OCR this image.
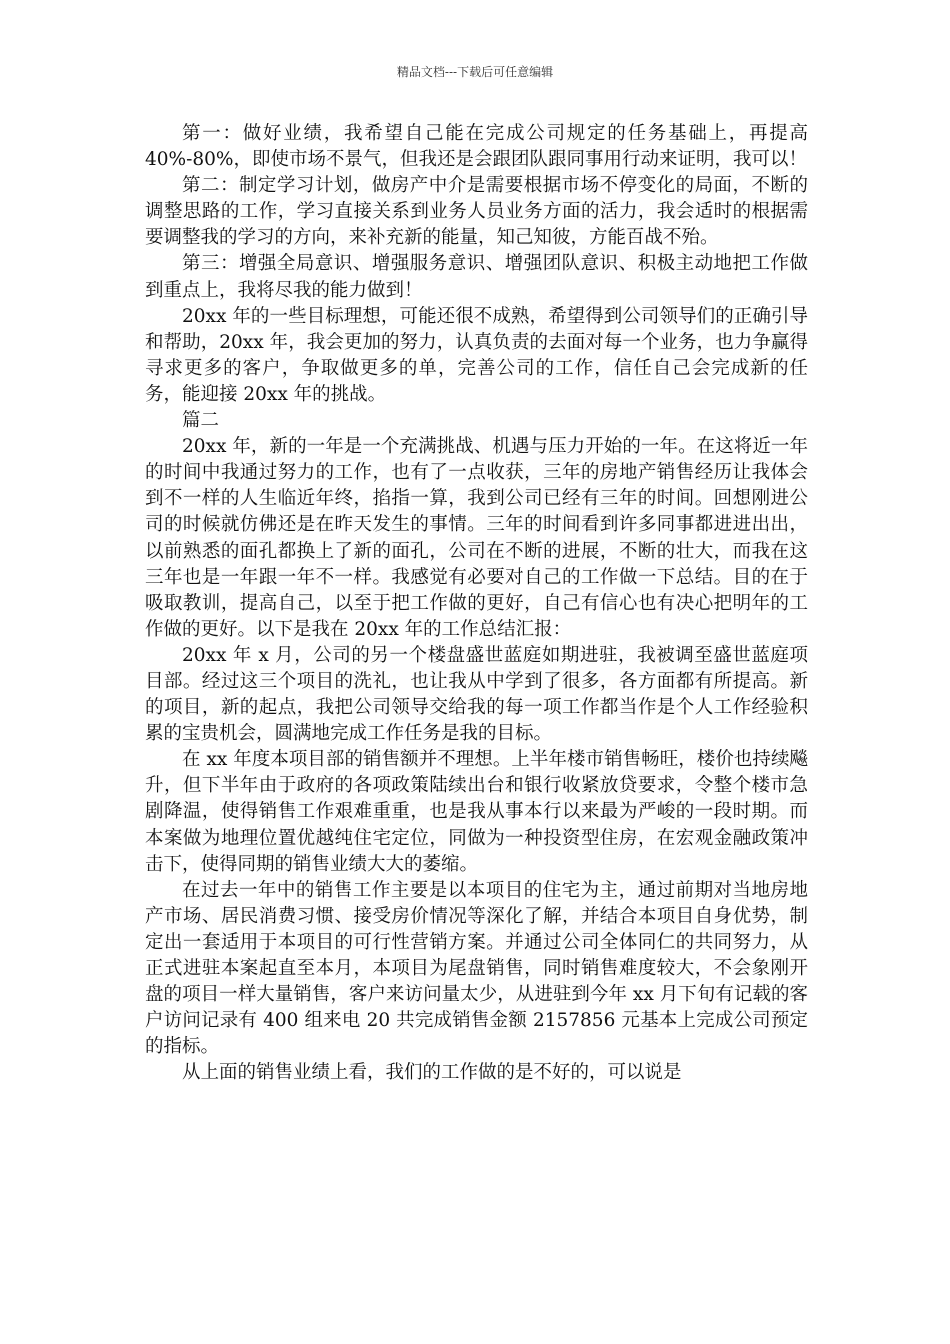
精品文档---下载后可任意编辑

第一：做好业绩，我希望自己能在完成公司规定的任务基础上，再提高 40%-80%，即使市场不景气，但我还是会跟团队跟同事用行动来证明，我可以！

第二：制定学习计划，做房产中介是需要根据市场不停变化的局面，不断的调整思路的工作，学习直接关系到业务人员业务方面的活力，我会适时的根据需要调整我的学习的方向，来补充新的能量，知己知彼，方能百战不殆。

第三：增强全局意识、增强服务意识、增强团队意识、积极主动地把工作做到重点上，我将尽我的能力做到！

20xx 年的一些目标理想，可能还很不成熟，希望得到公司领导们的正确引导和帮助，20xx 年，我会更加的努力，认真负责的去面对每一个业务，也力争赢得寻求更多的客户，争取做更多的单，完善公司的工作，信任自己会完成新的任务，能迎接 20xx 年的挑战。

篇二

20xx 年，新的一年是一个充满挑战、机遇与压力开始的一年。在这将近一年的时间中我通过努力的工作，也有了一点收获，三年的房地产销售经历让我体会到不一样的人生临近年终，掐指一算，我到公司已经有三年的时间。回想刚进公司的时候就仿佛还是在昨天发生的事情。三年的时间看到许多同事都进进出出，以前熟悉的面孔都换上了新的面孔，公司在不断的进展，不断的壮大，而我在这三年也是一年跟一年不一样。我感觉有必要对自己的工作做一下总结。目的在于吸取教训，提高自己，以至于把工作做的更好，自己有信心也有决心把明年的工作做的更好。以下是我在 20xx 年的工作总结汇报：

20xx 年 x 月，公司的另一个楼盘盛世蓝庭如期进驻，我被调至盛世蓝庭项目部。经过这三个项目的洗礼，也让我从中学到了很多，各方面都有所提高。新的项目，新的起点，我把公司领导交给我的每一项工作都当作是个人工作经验积累的宝贵机会，圆满地完成工作任务是我的目标。

在 xx 年度本项目部的销售额并不理想。上半年楼市销售畅旺，楼价也持续飚升，但下半年由于政府的各项政策陆续出台和银行收紧放贷要求，令整个楼市急剧降温，使得销售工作艰难重重，也是我从事本行以来最为严峻的一段时期。而本案做为地理位置优越纯住宅定位，同做为一种投资型住房，在宏观金融政策冲击下，使得同期的销售业绩大大的萎缩。

在过去一年中的销售工作主要是以本项目的住宅为主，通过前期对当地房地产市场、居民消费习惯、接受房价情况等深化了解，并结合本项目自身优势，制定出一套适用于本项目的可行性营销方案。并通过公司全体同仁的共同努力，从正式进驻本案起直至本月，本项目为尾盘销售，同时销售难度较大，不会象刚开盘的项目一样大量销售，客户来访问量太少，从进驻到今年 xx 月下旬有记载的客户访问记录有 400 组来电 20 共完成销售金额 2157856 元基本上完成公司预定的指标。

从上面的销售业绩上看，我们的工作做的是不好的，可以说是
